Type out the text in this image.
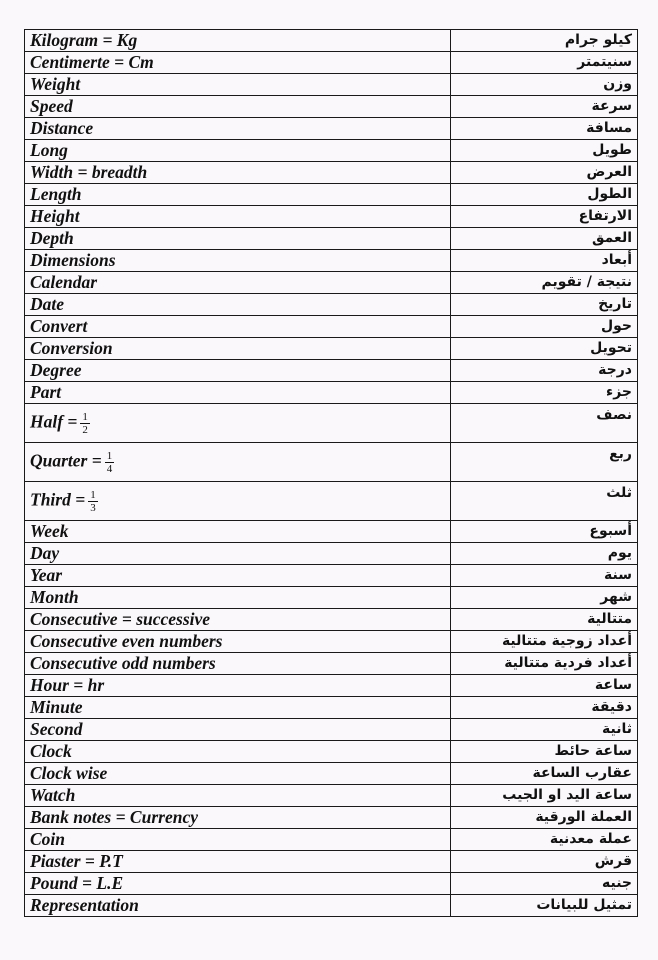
Kilogram = Kg	كيلو جرام
Centimerte = Cm	سنيتمتر
Weight	وزن
Speed	سرعة
Distance	مسافة
Long	طويل
Width = breadth	العرض
Length	الطول
Height	الارتفاع
Depth	العمق
Dimensions	أبعاد
Calendar	نتيجة / تقويم
Date	تاريخ
Convert	حول
Conversion	تحويل
Degree	درجة
Part	جزء
Half = $\frac{1}{2}$	نصف
Quarter = $\frac{1}{4}$	ربع
Third = $\frac{1}{3}$	ثلث
Week	أسبوع
Day	يوم
Year	سنة
Month	شهر
Consecutive = successive	متتالية
Consecutive even numbers	أعداد زوجية متتالية
Consecutive odd numbers	أعداد فردية متتالية
Hour = hr	ساعة
Minute	دقيقة
Second	ثانية
Clock	ساعة حائط
Clock wise	عقارب الساعة
Watch	ساعة اليد او الجيب
Bank notes = Currency	العملة الورقية
Coin	عملة معدنية
Piaster = P.T	قرش
Pound = L.E	جنيه
Representation	تمثيل للبيانات
